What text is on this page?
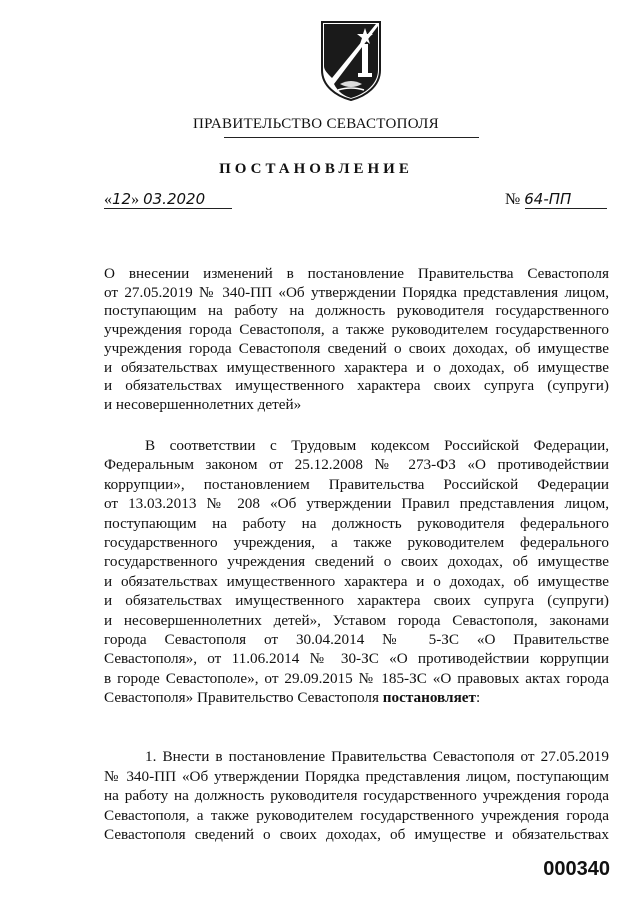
ПРАВИТЕЛЬСТВО СЕВАСТОПОЛЯ
ПОСТАНОВЛЕНИЕ
«12» 03.2020	№ 64-ПП
О внесении изменений в постановление Правительства Севастополя
от 27.05.2019 № 340-ПП «Об утверждении Порядка представления лицом,
поступающим на работу на должность руководителя государственного
учреждения города Севастополя, а также руководителем государственного
учреждения города Севастополя сведений о своих доходах, об имуществе
и обязательствах имущественного характера и о доходах, об имуществе
и обязательствах имущественного характера своих супруга (супруги)
и несовершеннолетних детей»
В соответствии с Трудовым кодексом Российской Федерации,
Федеральным законом от 25.12.2008 № 273-ФЗ «О противодействии
коррупции», постановлением Правительства Российской Федерации
от 13.03.2013 № 208 «Об утверждении Правил представления лицом,
поступающим на работу на должность руководителя федерального
государственного учреждения, а также руководителем федерального
государственного учреждения сведений о своих доходах, об имуществе
и обязательствах имущественного характера и о доходах, об имуществе
и обязательствах имущественного характера своих супруга (супруги)
и несовершеннолетних детей», Уставом города Севастополя, законами
города Севастополя от 30.04.2014 № 5-ЗС «О Правительстве
Севастополя», от 11.06.2014 № 30-ЗС «О противодействии коррупции
в городе Севастополе», от 29.09.2015 № 185-ЗС «О правовых актах города
Севастополя» Правительство Севастополя постановляет:
1. Внести в постановление Правительства Севастополя от 27.05.2019
№ 340-ПП «Об утверждении Порядка представления лицом, поступающим
на работу на должность руководителя государственного учреждения города
Севастополя, а также руководителем государственного учреждения города
Севастополя сведений о своих доходах, об имуществе и обязательствах
000340
